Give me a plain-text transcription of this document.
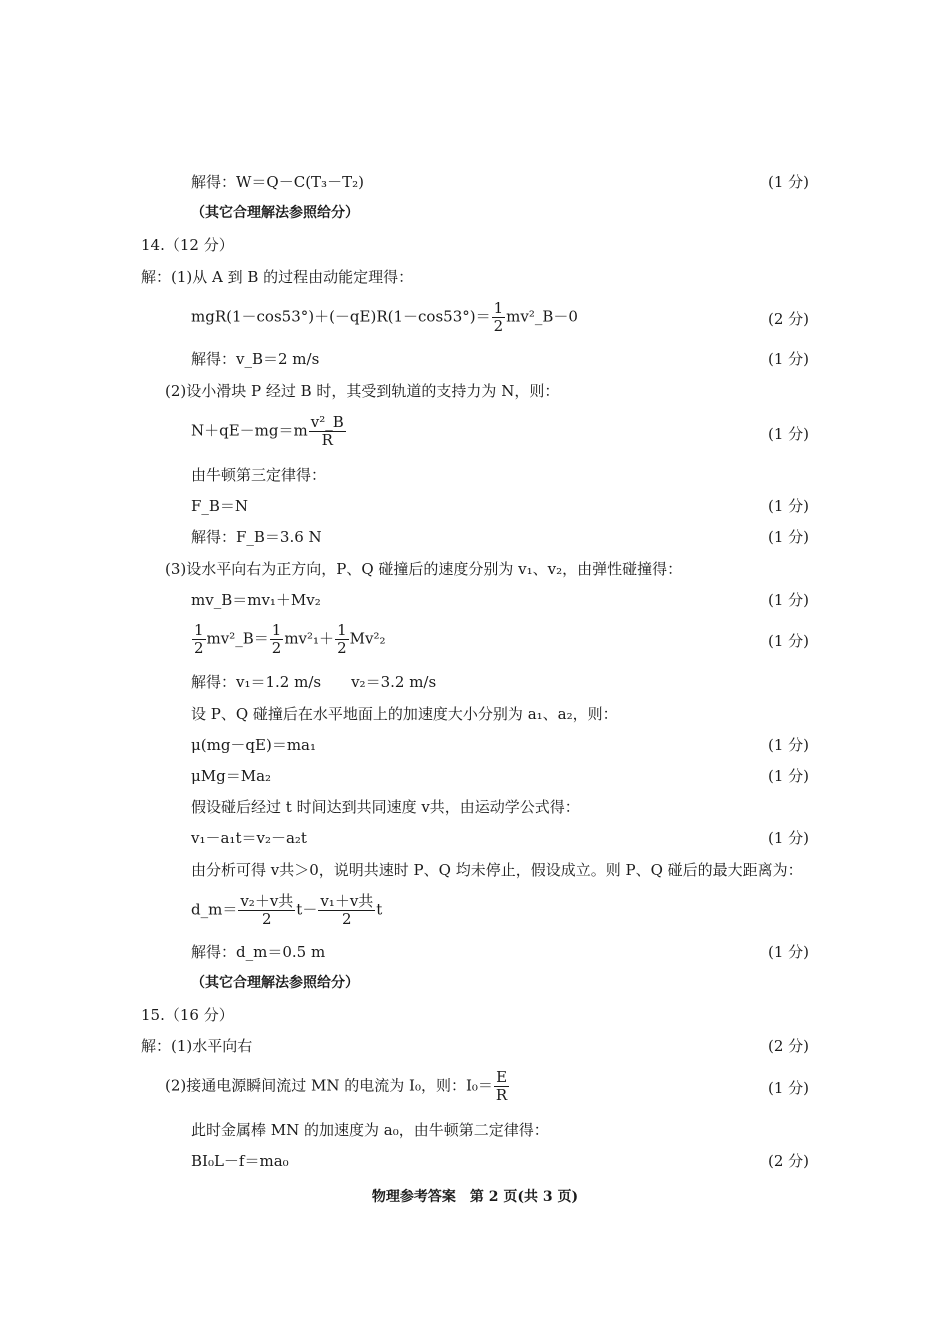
解得：W＝Q－C(T₃－T₂)	(1 分)
（其它合理解法参照给分）
14.（12 分）
解：(1)从 A 到 B 的过程由动能定理得：
$mgR(1-\cos 53^\circ)+(-qE)R(1-\cos 53^\circ)= \frac{1}{2}$ mv²_B－0	(2 分)
解得：v_B＝2 m/s	(1 分)
(2)设小滑块 P 经过 B 时，其受到轨道的支持力为 N，则：
$N+qE-mg=m \frac{\text{v²\_B}}{R}$	(1 分)
由牛顿第三定律得：
F_B＝N	(1 分)
解得：F_B＝3.6 N	(1 分)
(3)设水平向右为正方向，P、Q 碰撞后的速度分别为 v₁、v₂，由弹性碰撞得：
mv_B＝mv₁＋Mv₂	(1 分)
$\frac{1}{2}$ mv²_B＝ $\frac{1}{2} mv^2_1+ \frac{1}{2} Mv^2_2$	(1 分)
解得：v₁＝1.2 m/s　　v₂＝3.2 m/s
设 P、Q 碰撞后在水平地面上的加速度大小分别为 a₁、a₂，则：
μ(mg－qE)＝ma₁	(1 分)
μMg＝Ma₂	(1 分)
假设碰后经过 t 时间达到共同速度 v共，由运动学公式得：
v₁－a₁t＝v₂－a₂t	(1 分)
由分析可得 v共＞0，说明共速时 P、Q 均未停止，假设成立。则 P、Q 碰后的最大距离为：
d_m＝ $\frac{\text{v₂＋v共}}{2} t- \frac{\text{v₁＋v共}}{2}$ t
解得：d_m＝0.5 m	(1 分)
（其它合理解法参照给分）
15.（16 分）
解：(1)水平向右	(2 分)
(2)接通电源瞬间流过 MN 的电流为 I₀，则：$I_0= \frac{E}{R}$	(1 分)
此时金属棒 MN 的加速度为 a₀，由牛顿第二定律得：
BI₀L－f＝ma₀	(2 分)
物理参考答案　第 2 页(共 3 页)
